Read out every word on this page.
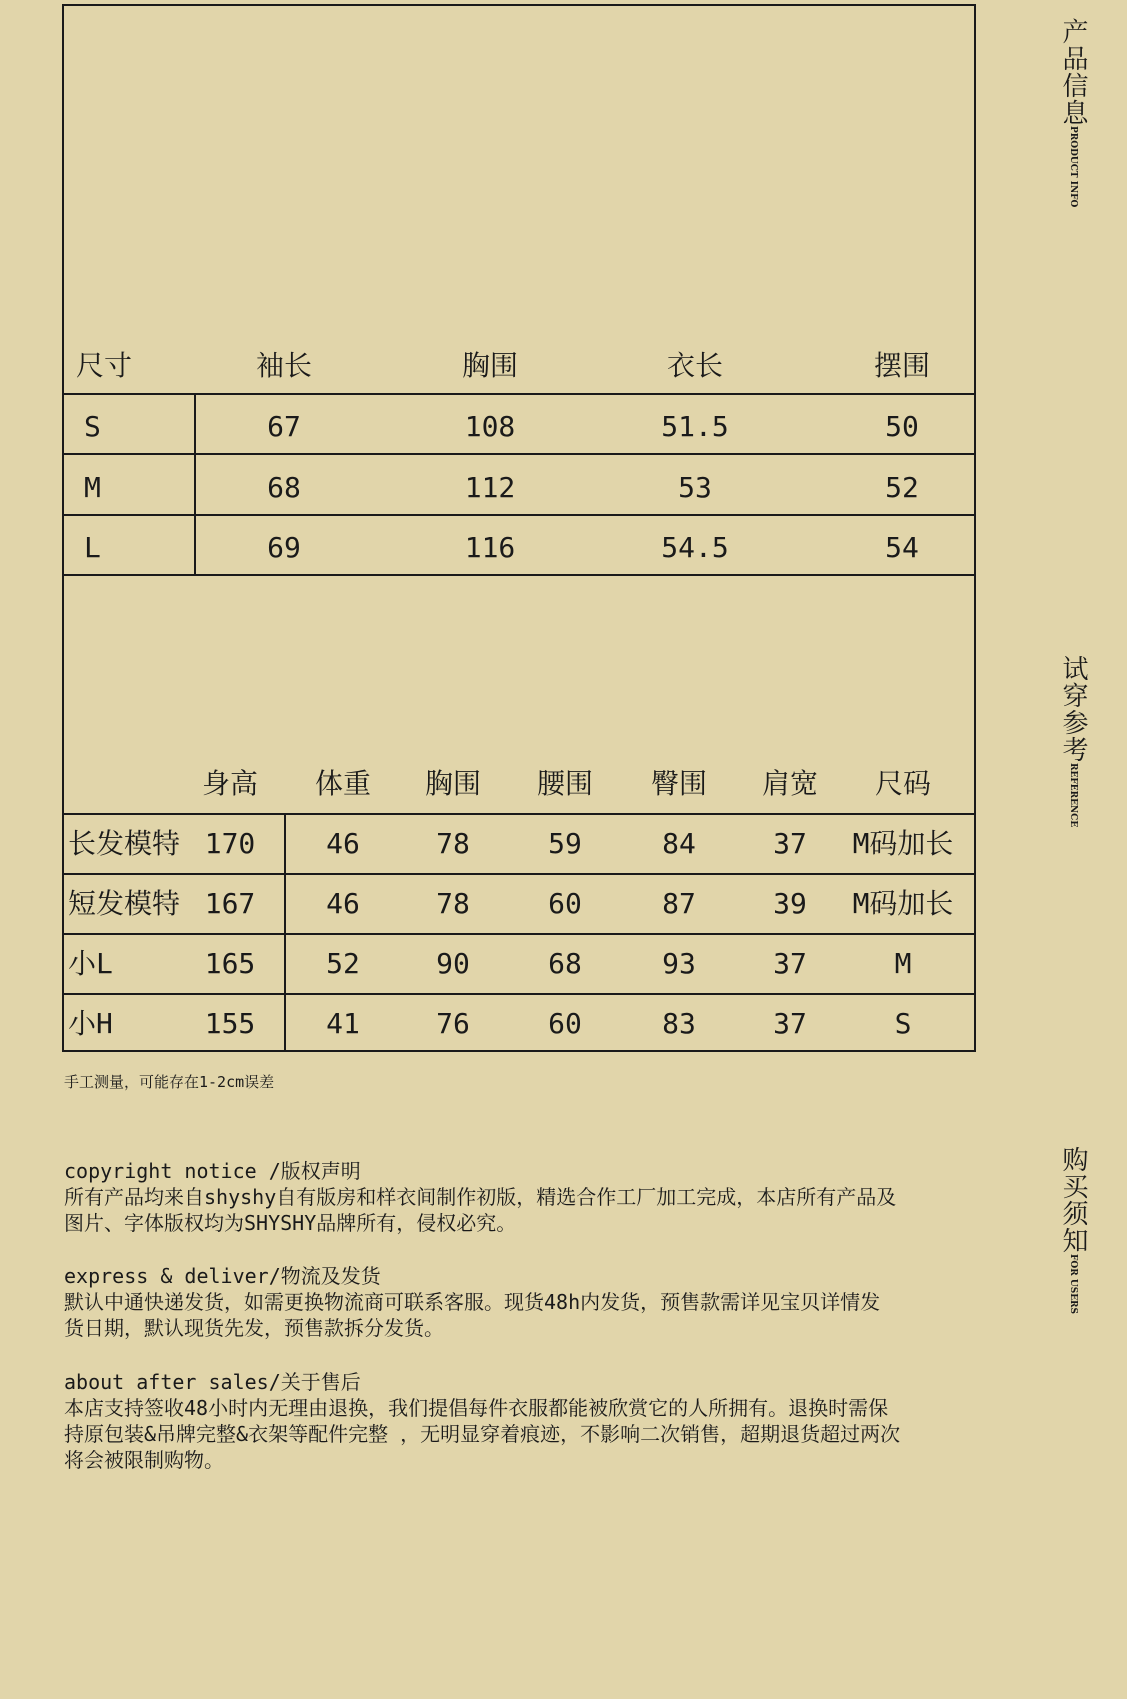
尺寸	袖长	胸围	衣长	摆围
S	67	108	51.5	50
M	68	112	53	52
L	69	116	54.5	54
身高 体重 胸围 腰围 臀围 肩宽 尺码
长发模特 170	46	78	59	84	37 M码加长
短发模特 167	46	78	60	87	39 M码加长
小L	165	52	90	68	93	37	M
小H	155	41	76	60	83	37	S
手工测量，可能存在1-2cm误差

copyright notice /版权声明

所有产品均来自shyshy自有版房和样衣间制作初版，精选合作工厂加工完成，本店所有产品及

图片、字体版权均为SHYSHY品牌所有，侵权必究。

express & deliver/物流及发货

默认中通快递发货，如需更换物流商可联系客服。现货48h内发货，预售款需详见宝贝详情发

货日期，默认现货先发，预售款拆分发货。

about after sales/关于售后

本店支持签收48小时内无理由退换，我们提倡每件衣服都能被欣赏它的人所拥有。退换时需保

持原包装&吊牌完整&衣架等配件完整 ，无明显穿着痕迹，不影响二次销售，超期退货超过两次

将会被限制购物。

产品信息PRODUCT INFO
试穿参考REFERENCE
购买须知FOR USERS
